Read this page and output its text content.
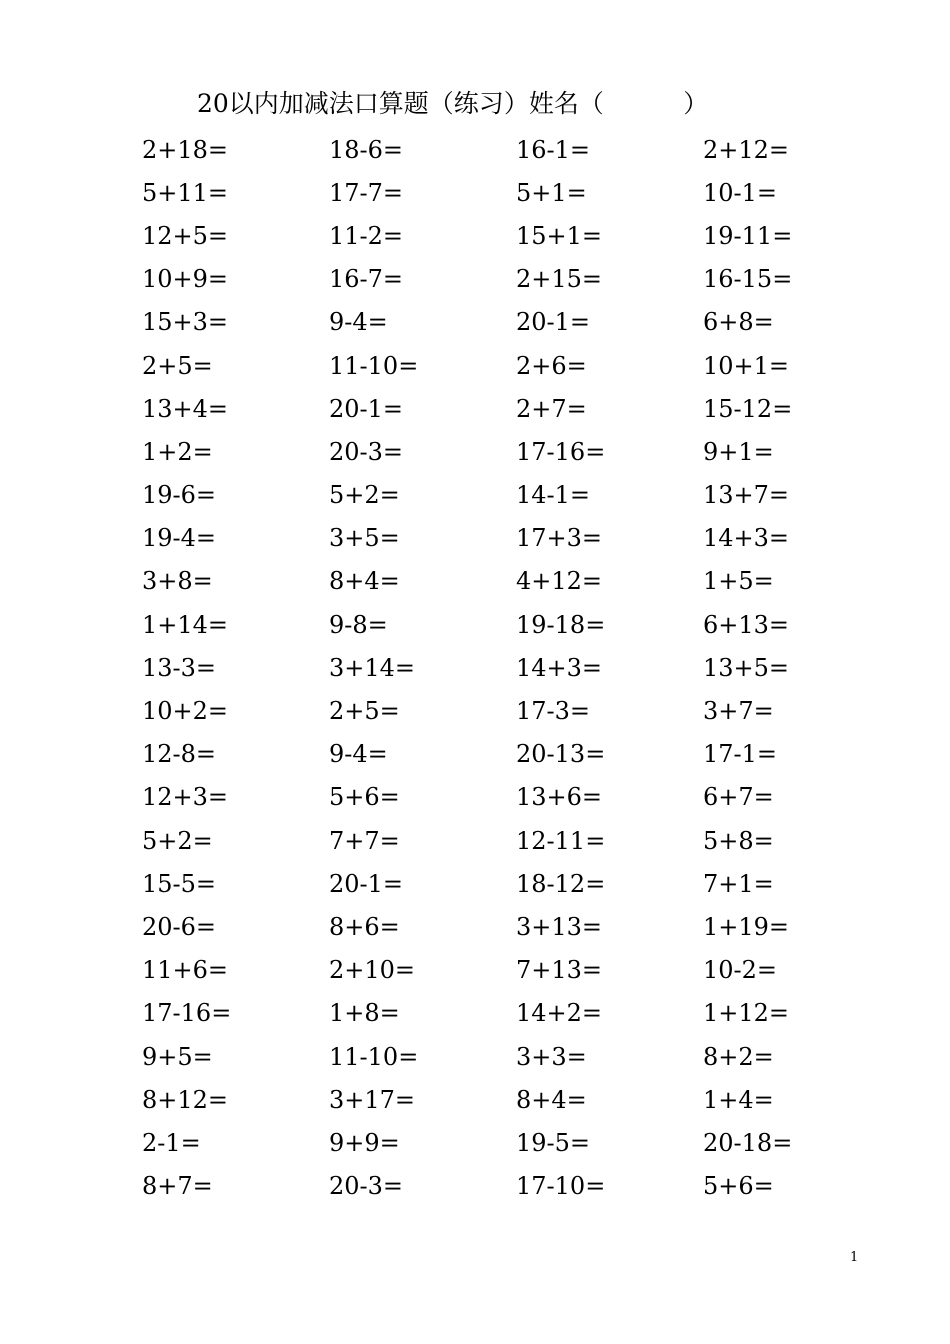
20以内加减法口算题（练习）姓名（          ）
2+18=	18-6=	16-1=	2+12=
5+11=	17-7=	5+1=	10-1=
12+5=	11-2=	15+1=	19-11=
10+9=	16-7=	2+15=	16-15=
15+3=	9-4=	20-1=	6+8=
2+5=	11-10=	2+6=	10+1=
13+4=	20-1=	2+7=	15-12=
1+2=	20-3=	17-16=	9+1=
19-6=	5+2=	14-1=	13+7=
19-4=	3+5=	17+3=	14+3=
3+8=	8+4=	4+12=	1+5=
1+14=	9-8=	19-18=	6+13=
13-3=	3+14=	14+3=	13+5=
10+2=	2+5=	17-3=	3+7=
12-8=	9-4=	20-13=	17-1=
12+3=	5+6=	13+6=	6+7=
5+2=	7+7=	12-11=	5+8=
15-5=	20-1=	18-12=	7+1=
20-6=	8+6=	3+13=	1+19=
11+6=	2+10=	7+13=	10-2=
17-16=	1+8=	14+2=	1+12=
9+5=	11-10=	3+3=	8+2=
8+12=	3+17=	8+4=	1+4=
2-1=	9+9=	19-5=	20-18=
8+7=	20-3=	17-10=	5+6=
1
